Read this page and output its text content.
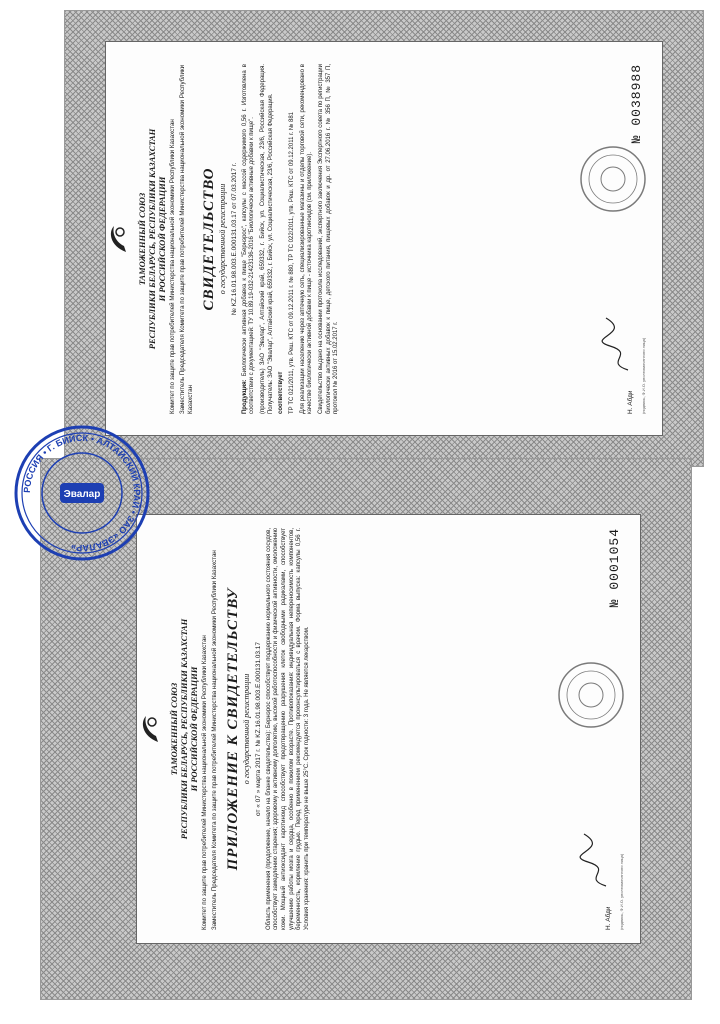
ТАМОЖЕННЫЙ СОЮЗ РЕСПУБЛИКИ БЕЛАРУСЬ, РЕСПУБЛИКИ КАЗАХСТАН И РОССИЙСКОЙ ФЕДЕРАЦИИ Комитет по защите прав потребителей Министерства национальной экономики Республики Казахстан Заместитель Председателя Комитета по защите прав потребителей Министерства национальной экономики Республики Казахстан
СВИДЕТЕЛЬСТВО о государственной регистрации № KZ.16.01.98.003.Е.000131.03.17 от 07.03.2017 г.
Продукция: Биологически активная добавка к пище "Бернэрос", капсулы с массой содержимого 0,56 г. Изготовлена в соответствии с документацией: ТУ 10.89.19-032-21423136-2016 "Биологически активные добавки к пище". (производитель) ЗАО "Эвалар", Алтайский край, 659332, г. Бийск, ул. Социалистическая, 23/6, Российская Федерация. Получатель: ЗАО "Эвалар", Алтайский край, 659332, г. Бийск, ул. Социалистическая, 23/6, Российская Федерация. соответствует ТР ТС 021/2011, утв. Реш. КТС от 09.12.2011 г. № 880, ТР ТС 022/2011, утв. Реш. КТС от 09.12.2011 г. № 881 Для реализации населению через аптечную сеть, специализированные магазины и отделы торговой сети, рекомендовано в качестве биологически активной добавки к пище - источника каротиноидов (см. приложение). Свидетельство выдано на основании протокола исследований, экспертного заключения Экспертного совета по регистрации биологически активных добавок к пище, детского питания, пищевых добавок и др. от 27.06.2016 г. № 356 П, № 357 П, протокол № 2016 от 15.02.2017 г.	Н. Абди (подпись, Ф.И.О. уполномоченного лица)
№ 0038988
ТАМОЖЕННЫЙ СОЮЗ РЕСПУБЛИКИ БЕЛАРУСЬ, РЕСПУБЛИКИ КАЗАХСТАН И РОССИЙСКОЙ ФЕДЕРАЦИИ Комитет по защите прав потребителей Министерства национальной экономики Республики Казахстан Заместитель Председателя Комитета по защите прав потребителей Министерства национальной экономики Республики Казахстан ПРИЛОЖЕНИЕ К СВИДЕТЕЛЬСТВУ о государственной регистрации от « 07 » марта 2017 г. № KZ.16.01.98.003.Е.000131.03.17 Область применения (продолжение, начало на бланке свидетельства): Бернэрос способствует поддержанию нормального состояния сосудов, способствует замедлению старения; здоровому и активному долголетию, высокой работоспособности и физической активности, омоложению кожи. Мощный антиоксидант каротиноид способствует предотвращению разрушения клеток свободными радикалами, способствует улучшению работы мозга и сердца, особенно в пожилом возрасте. Противопоказания: индивидуальная непереносимость компонентов, беременность, кормление грудью. Перед применением рекомендуется проконсультироваться с врачом. Форма выпуска: капсулы 0,56 г. Условия хранения: хранить при температуре не выше 25°С. Срок годности: 3 года. Не является лекарством.	Н. Абди (подпись, Ф.И.О. уполномоченного лица)
№ 0001054
РОССИЯ • Г. БИЙСК • АЛТАЙСКИЙ КРАЙ • ЗАО «ЭВАЛАР»
Эвалар
